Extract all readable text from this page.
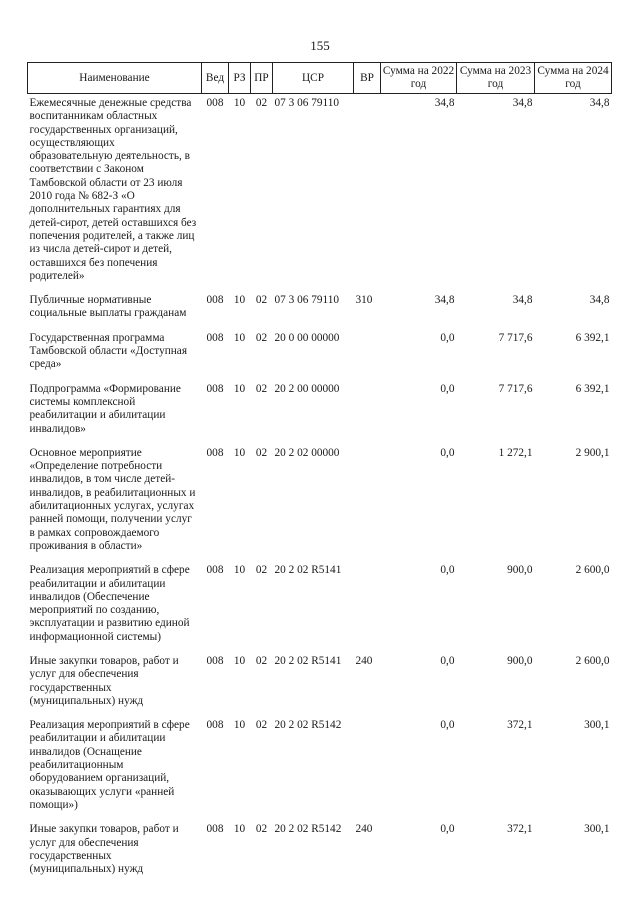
155
Наименование	Вед	РЗ	ПР	ЦСР	ВР	Сумма на 2022 год	Сумма на 2023 год	Сумма на 2024 год
Ежемесячные денежные средства воспитанникам областных государственных организаций, осуществляющих образовательную деятельность, в соответствии с Законом Тамбовской области от 23 июля 2010 года № 682-З «О дополнительных гарантиях для детей-сирот, детей оставшихся без попечения родителей, а также лиц из числа детей-сирот и детей, оставшихся без попечения родителей»	008	10	02	07 3 06 79110		34,8	34,8	34,8
Публичные нормативные социальные выплаты гражданам	008	10	02	07 3 06 79110	310	34,8	34,8	34,8
Государственная программа Тамбовской области «Доступная среда»	008	10	02	20 0 00 00000		0,0	7 717,6	6 392,1
Подпрограмма «Формирование системы комплексной реабилитации и абилитации инвалидов»	008	10	02	20 2 00 00000		0,0	7 717,6	6 392,1
Основное мероприятие «Определение потребности инвалидов, в том числе детей-инвалидов, в реабилитационных и абилитационных услугах, услугах ранней помощи, получении услуг в рамках сопровождаемого проживания в области»	008	10	02	20 2 02 00000		0,0	1 272,1	2 900,1
Реализация мероприятий в сфере реабилитации и абилитации инвалидов (Обеспечение мероприятий по созданию, эксплуатации и развитию единой информационной системы)	008	10	02	20 2 02 R5141		0,0	900,0	2 600,0
Иные закупки товаров, работ и услуг для обеспечения государственных (муниципальных) нужд	008	10	02	20 2 02 R5141	240	0,0	900,0	2 600,0
Реализация мероприятий в сфере реабилитации и абилитации инвалидов (Оснащение реабилитационным оборудованием организаций, оказывающих услуги «ранней помощи»)	008	10	02	20 2 02 R5142		0,0	372,1	300,1
Иные закупки товаров, работ и услуг для обеспечения государственных (муниципальных) нужд	008	10	02	20 2 02 R5142	240	0,0	372,1	300,1
